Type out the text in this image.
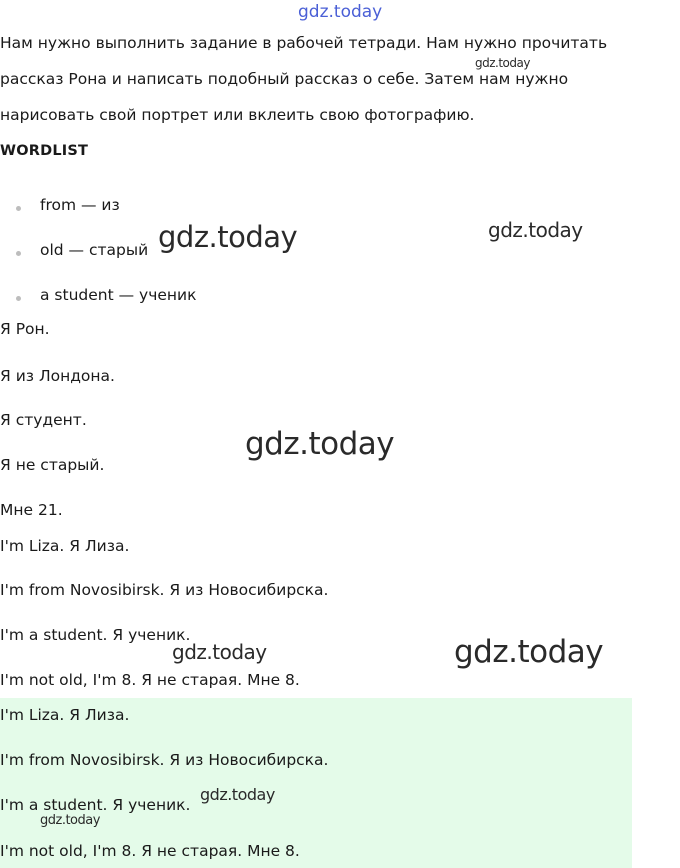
gdz.today
Нам нужно выполнить задание в рабочей тетради. Нам нужно прочитать
рассказ Рона и написать подобный рассказ о себе. Затем нам нужно
нарисовать свой портрет или вклеить свою фотографию.
WORDLIST
from — из
old — старый
a student — ученик
Я Рон.
Я из Лондона.
Я студент.
Я не старый.
Мне 21.
I'm Liza. Я Лиза.
I'm from Novosibirsk. Я из Новосибирска.
I'm a student. Я ученик.
I'm not old, I'm 8. Я не старая. Мне 8.
I'm Liza. Я Лиза.
I'm from Novosibirsk. Я из Новосибирска.
I'm a student. Я ученик.
I'm not old, I'm 8. Я не старая. Мне 8.
gdz.today
gdz.today
gdz.today
gdz.today
gdz.today	gdz.today
gdz.today
gdz.today
